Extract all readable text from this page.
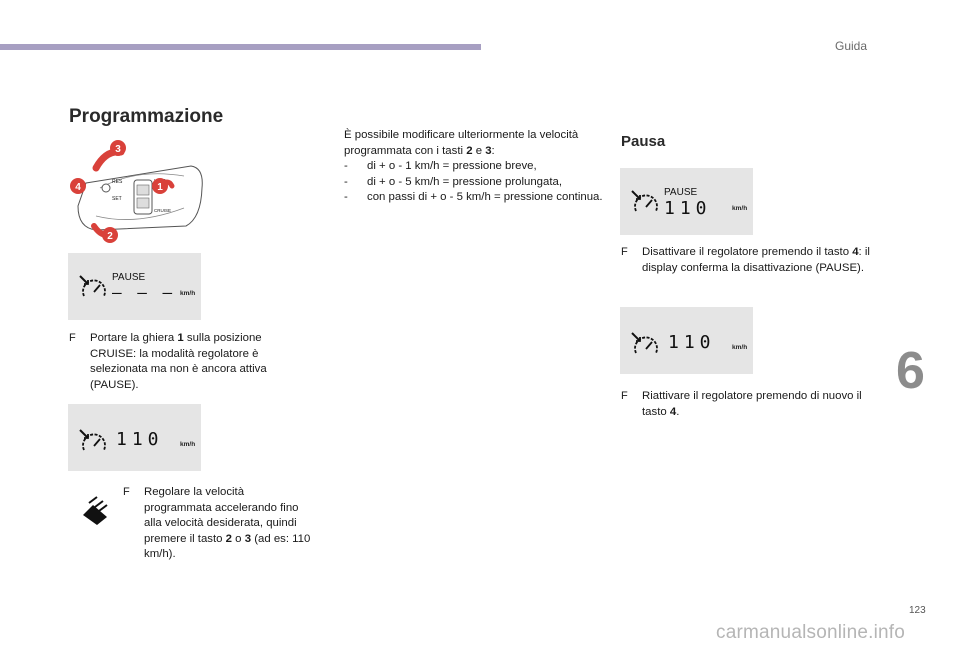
Guida
6
123
carmanualsonline.info
Programmazione
RES
SET
CRUISE
3
4	1
2
PAUSE
– – – km/h
F	Portare la ghiera 1 sulla posizione CRUISE: la modalità regolatore è selezionata ma non è ancora attiva (PAUSE).
110	km/h
F	Regolare la velocità programmata accelerando fino alla velocità desiderata, quindi premere il tasto 2 o 3 (ad es: 110 km/h).
È possibile modificare ulteriormente la velocità programmata con i tasti 2 e 3:
- di + o - 1 km/h = pressione breve,
- di + o - 5 km/h = pressione prolungata,
- con passi di + o - 5 km/h = pressione continua.
Pausa
PAUSE
110	km/h
F	Disattivare il regolatore premendo il tasto 4: il display conferma la disattivazione (PAUSE).
110	km/h
F	Riattivare il regolatore premendo di nuovo il tasto 4.
